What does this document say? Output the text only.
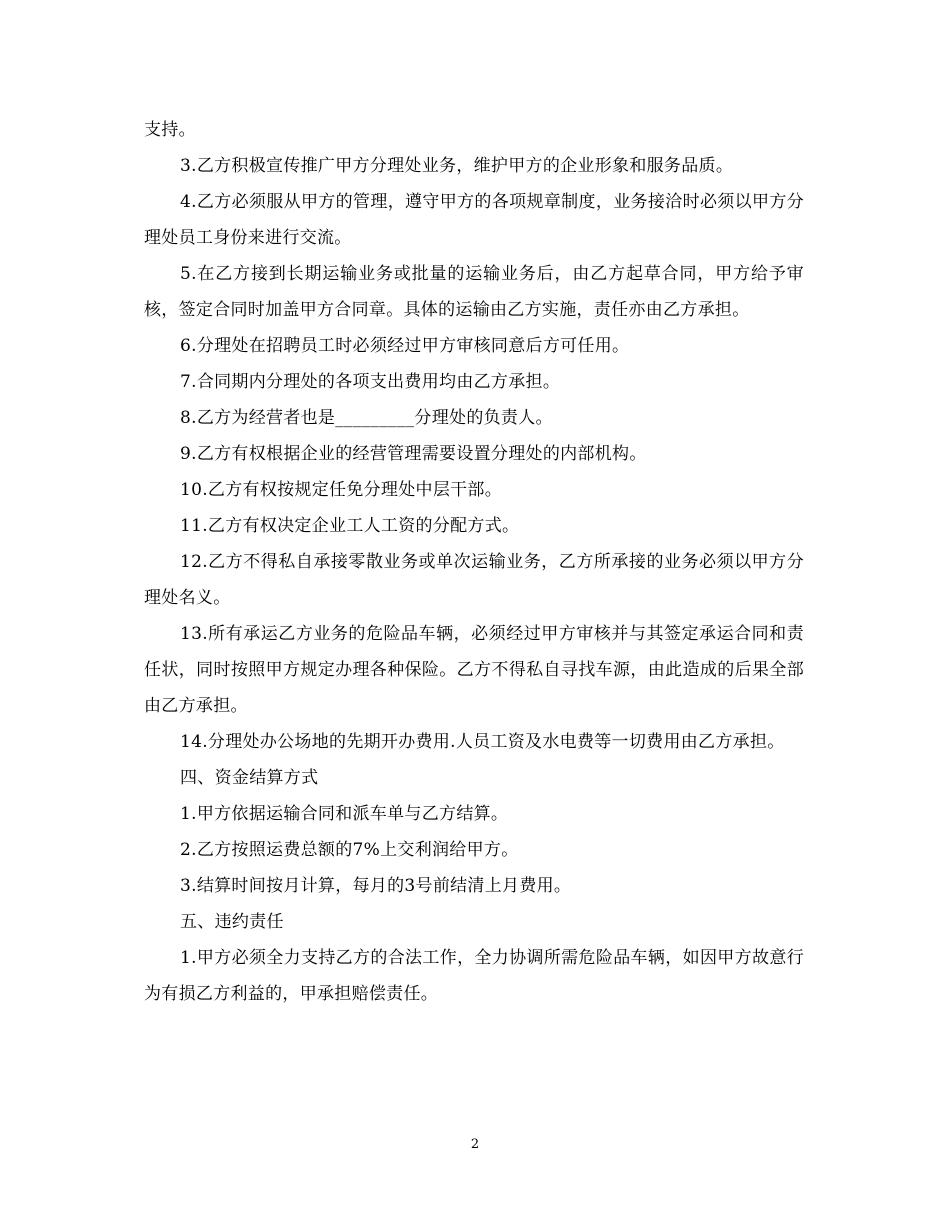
支持。

3.乙方积极宣传推广甲方分理处业务，维护甲方的企业形象和服务品质。

4.乙方必须服从甲方的管理，遵守甲方的各项规章制度，业务接洽时必须以甲方分理处员工身份来进行交流。

5.在乙方接到长期运输业务或批量的运输业务后，由乙方起草合同，甲方给予审核，签定合同时加盖甲方合同章。具体的运输由乙方实施，责任亦由乙方承担。

6.分理处在招聘员工时必须经过甲方审核同意后方可任用。

7.合同期内分理处的各项支出费用均由乙方承担。

8.乙方为经营者也是_________分理处的负责人。

9.乙方有权根据企业的经营管理需要设置分理处的内部机构。

10.乙方有权按规定任免分理处中层干部。

11.乙方有权决定企业工人工资的分配方式。

12.乙方不得私自承接零散业务或单次运输业务，乙方所承接的业务必须以甲方分理处名义。

13.所有承运乙方业务的危险品车辆，必须经过甲方审核并与其签定承运合同和责任状，同时按照甲方规定办理各种保险。乙方不得私自寻找车源，由此造成的后果全部由乙方承担。

14.分理处办公场地的先期开办费用.人员工资及水电费等一切费用由乙方承担。

四、资金结算方式

1.甲方依据运输合同和派车单与乙方结算。

2.乙方按照运费总额的7%上交利润给甲方。

3.结算时间按月计算，每月的3号前结清上月费用。

五、违约责任

1.甲方必须全力支持乙方的合法工作，全力协调所需危险品车辆，如因甲方故意行为有损乙方利益的，甲承担赔偿责任。

2
